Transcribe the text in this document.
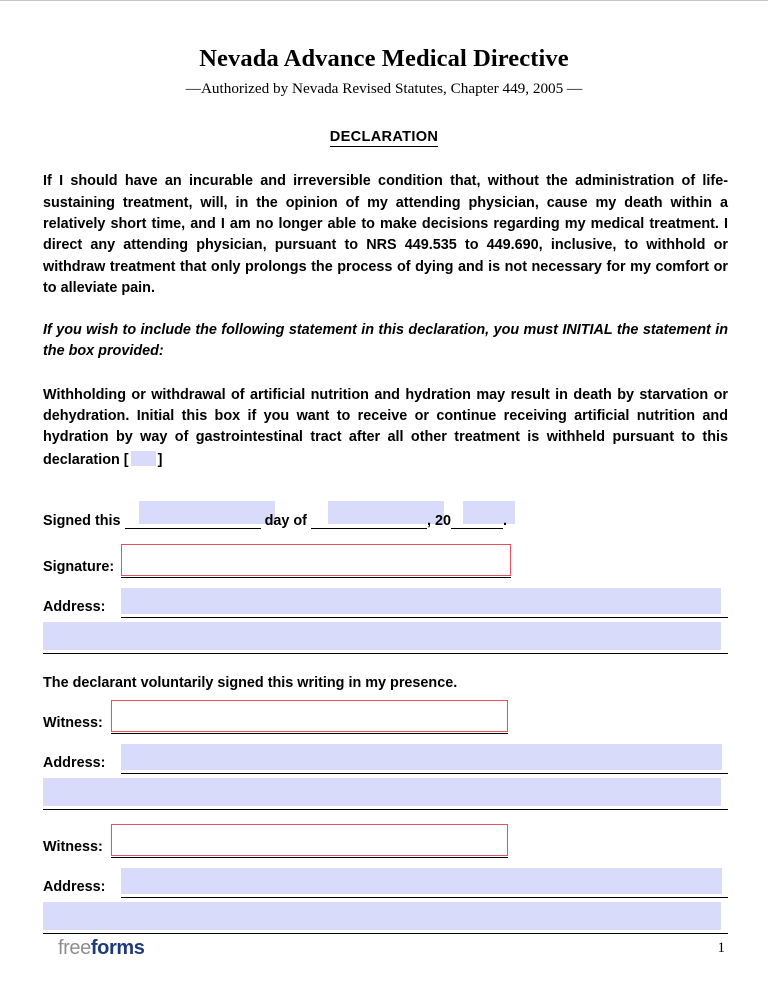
Nevada Advance Medical Directive
—Authorized by Nevada Revised Statutes, Chapter 449, 2005 —
DECLARATION

If I should have an incurable and irreversible condition that, without the administration of life-sustaining treatment, will, in the opinion of my attending physician, cause my death within a relatively short time, and I am no longer able to make decisions regarding my medical treatment. I direct any attending physician, pursuant to NRS 449.535 to 449.690, inclusive, to withhold or withdraw treatment that only prolongs the process of dying and is not necessary for my comfort or to alleviate pain.

If you wish to include the following statement in this declaration, you must INITIAL the statement in the box provided:

Withholding or withdrawal of artificial nutrition and hydration may result in death by starvation or dehydration. Initial this box if you want to receive or continue receiving artificial nutrition and hydration by way of gastrointestinal tract after all other treatment is withheld pursuant to this declaration [ ]

Signed this	day of	, 20	.
Signature:
Address:

The declarant voluntarily signed this writing in my presence.

Witness:
Address:
Witness:
Address:
freeforms	1
